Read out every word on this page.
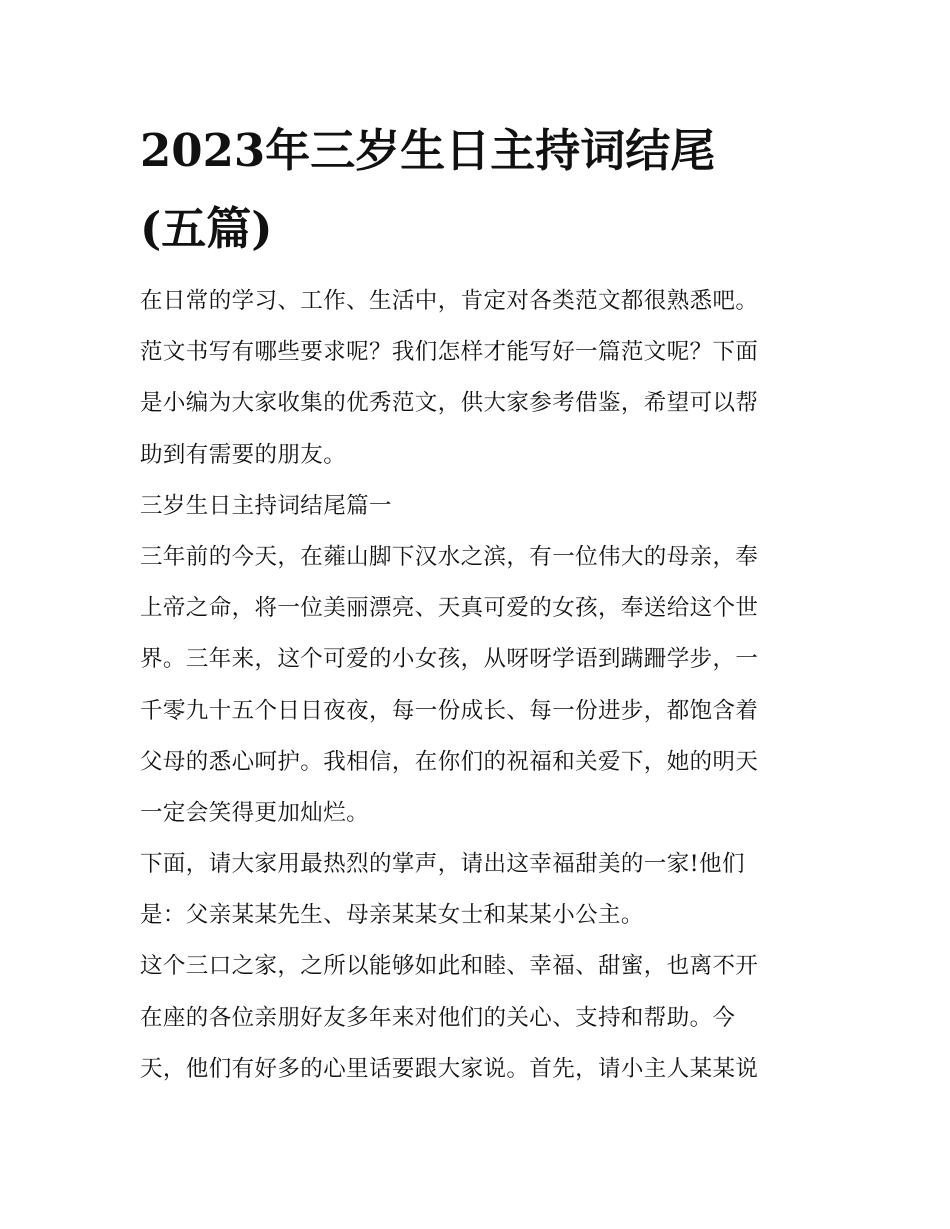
2023年三岁生日主持词结尾
(五篇)
在日常的学习、工作、生活中，肯定对各类范文都很熟悉吧。
范文书写有哪些要求呢？我们怎样才能写好一篇范文呢？下面
是小编为大家收集的优秀范文，供大家参考借鉴，希望可以帮
助到有需要的朋友。
三岁生日主持词结尾篇一
三年前的今天，在蕹山脚下汉水之滨，有一位伟大的母亲，奉
上帝之命，将一位美丽漂亮、天真可爱的女孩，奉送给这个世
界。三年来，这个可爱的小女孩，从呀呀学语到蹒跚学步，一
千零九十五个日日夜夜，每一份成长、每一份进步，都饱含着
父母的悉心呵护。我相信，在你们的祝福和关爱下，她的明天
一定会笑得更加灿烂。
下面，请大家用最热烈的掌声，请出这幸福甜美的一家!他们
是：父亲某某先生、母亲某某女士和某某小公主。
这个三口之家，之所以能够如此和睦、幸福、甜蜜，也离不开
在座的各位亲朋好友多年来对他们的关心、支持和帮助。今
天，他们有好多的心里话要跟大家说。首先，请小主人某某说
